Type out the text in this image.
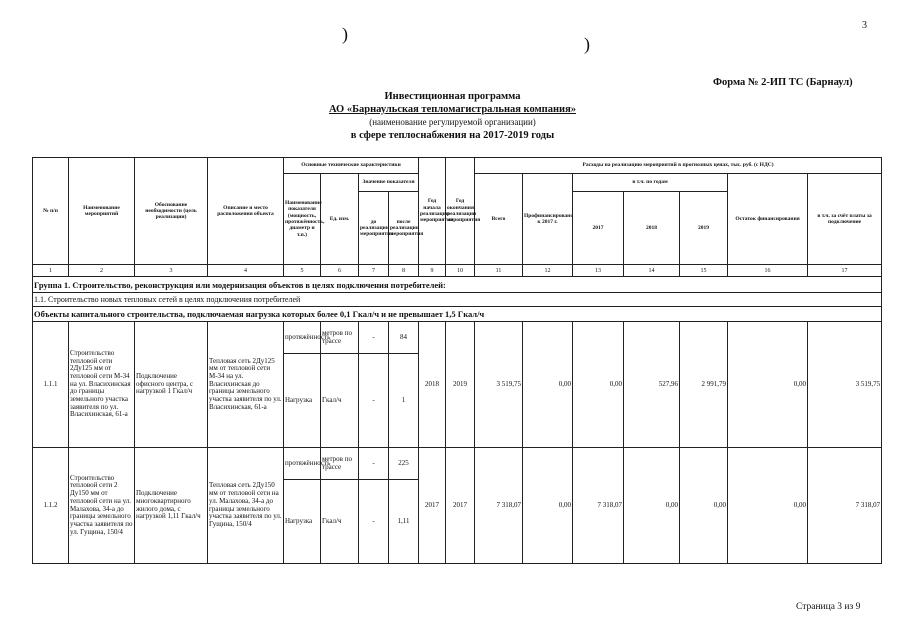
3
)	)
Форма № 2-ИП ТС (Барнаул)
Инвестиционная программа
АО «Барнаульская тепломагистральная компания»
(наименование регулируемой организации)
в сфере теплоснабжения на 2017-2019 годы
№ п/п	Наименование мероприятий	Обоснование необходимости (цель реализации)	Описание и место расположения объекта	Основные технические характеристики				Год начала реализации мероприятия	Год окончания реализации мероприятия	Расходы на реализацию мероприятий в прогнозных ценах, тыс. руб. (с НДС)						
				Наименование показателя (мощность, протяжённость, диаметр и т.п.)	Ед. изм.	Значение показателя				Всего	Профинансировано к 2017 г.	в т.ч. по годам			Остаток финансирования	в т.ч. за счёт платы за подключение
						до реализации мероприятия	после реализации мероприятия					2017	2018	2019		

1	2	3	4	5	6	7	8	9	10	11	12	13	14	15	16	17
Группа 1. Строительство, реконструкция или модернизация объектов в целях подключения потребителей:																
1.1. Строительство новых тепловых сетей в целях подключения потребителей																
Объекты капитального строительства, подключаемая нагрузка которых более 0,1 Гкал/ч и не превышает 1,5 Гкал/ч																
1.1.1	Строительство тепловой сети 2Ду125 мм от тепловой сети М-34 на ул. Власихинская до границы земельного участка заявителя по ул. Власихинская, 61-а	Подключение офисного центра, с нагрузкой 1 Гкал/ч	Тепловая сеть 2Ду125 мм от тепловой сети М-34 на ул. Власихинская до границы земельного участка заявителя по ул. Власихинская, 61-а	протяжённость	метров по трассе	-	84	2018	2019	3 519,75	0,00	0,00	527,96	2 991,79	0,00	3 519,75
				Нагрузка	Гкал/ч	-	1									
1.1.2	Строительство тепловой сети 2 Ду150 мм от тепловой сети на ул. Малахова, 34-а до границы земельного участка заявителя по ул. Гущина, 150/4	Подключение многоквартирного жилого дома, с нагрузкой 1,11 Гкал/ч	Тепловая сеть 2Ду150 мм от тепловой сети на ул. Малахова, 34-а до границы земельного участка заявителя по ул. Гущина, 150/4	протяжённость	метров по трассе	-	225	2017	2017	7 318,07	0,00	7 318,07	0,00	0,00	0,00	7 318,07
				Нагрузка	Гкал/ч	-	1,11									
Страница 3 из 9
